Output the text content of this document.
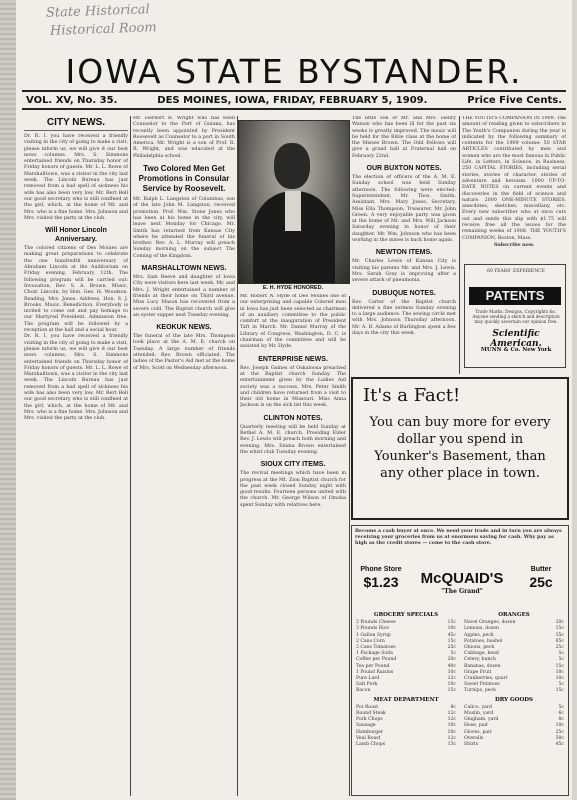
State Historical
Historical Room
IOWA STATE BYSTANDER.
VOL. XV, No. 35.	DES MOINES, IOWA, FRIDAY, FEBRUARY 5, 1909.	Price Five Cents.
CITY NEWS.
Dr. R. I. you have received a friendly visiting in the city of going to make a visit, please inform us, we will give it our best news columns. Mrs. S. Simmons entertained friends on Thursday honor of Friday honors of guests. Mr. L. L. Rowe of Marshalltown, was a visitor in the city last week. The Lincoln Bureau has just removed from a bad spell of sickness his wife has also been very low. Mr. Bert Bell our good secretary who is still confined at the girl, which, at the home of Mr. and Mrs. who is a fine home. Mrs. Johnson and Mrs. visited the party at the club.
Will Honor Lincoln Anniversary.
The colored citizens of Des Moines are making great preparations to celebrate the one hundredth anniversary of Abraham Lincoln at the Auditorium on Friday evening, February 12th. The following program will be carried out: Invocation, Rev. S. A. Brown. Music, Choir. Lincoln, by Hon. Geo. H. Woodson. Reading, Mrs. Jones. Address, Hon. S. J. Brooks. Music. Benediction. Everybody is invited to come out and pay homage to our Martyred President. Admission free. The program will be followed by a reception at the hall and a social hour.
Dr. R. I. you have received a friendly visiting in the city of going to make a visit, please inform us, we will give it our best news columns. Mrs. S. Simmons entertained friends on Thursday honor of Friday honors of guests. Mr. L. L. Rowe of Marshalltown, was a visitor in the city last week. The Lincoln Bureau has just removed from a bad spell of sickness his wife has also been very low. Mr. Bert Bell our good secretary who is still confined at the girl, which, at the home of Mr. and Mrs. who is a fine home. Mrs. Johnson and Mrs. visited the party at the club.
Mr. Herbert R. Wright who has been Counselor to the Port of Guiana, has recently been appointed by President Roosevelt as Counselor to a port in South America. Mr. Wright is a son of Prof. R. R. Wright, and was educated at the Philadelphia school.
Two Colored Men Get Promotions in Consular Service by Roosevelt.
Mr. Ralph L. Langston of Columbus, son of the late John M. Langston, received promotion. Prof. Wm. Stone Jones who has been at his home in the city, will leave next Monday for Chicago. Mr. Smith has returned from Kansas City where he attended the funeral of his brother. Rev. A. L. Murray will preach Sunday morning on the subject The Coming of the Kingdom.
MARSHALLTOWN NEWS.
Mrs. Sam Reeve and daughter of Iowa City were visitors here last week. Mr. and Mrs. J. Wright entertained a number of friends at their home on Third avenue. Miss Lucy Mason has recovered from a severe cold. The Baptist church will give an oyster supper next Tuesday evening.
KEOKUK NEWS.
The funeral of the late Mrs. Thompson took place at the A. M. E. church on Tuesday. A large number of friends attended. Rev. Brown officiated. The ladies of the Pastor's Aid met at the home of Mrs. Scott on Wednesday afternoon.
E. H. HYDE HONORED.
Mr. Robert N. Hyde of Des Moines one of our enterprising and capable Colored men in Iowa has just been selected as chairman of an auxiliary committee to the public comfort at the inauguration of President Taft in March. Mr. Daniel Murray of the Library of Congress, Washington, D. C. is chairman of the committee and will be assisted by Mr. Hyde.
ENTERPRISE NEWS.
Rev. Joseph Gaines of Oskaloosa preached at the Baptist church Sunday. The entertainment given by the Ladies Aid society was a success. Mrs. Peter Smith and children have returned from a visit to their old home in Missouri. Miss Anna Jackson is on the sick list this week.
CLINTON NOTES.
Quarterly meeting will be held Sunday at Bethel A. M. E. church. Presiding Elder Rev. J. Lewis will preach both morning and evening. Mrs. Emma Brown entertained the whist club Tuesday evening.
SIOUX CITY ITEMS.
The revival meetings which have been in progress at the Mt. Zion Baptist church for the past week closed Sunday night with good results. Fourteen persons united with the church. Mr. George Wilson of Omaha spent Sunday with relatives here.
The little son of Mr. and Mrs. Henry Watson who has been ill for the past six weeks is greatly improved. The music will be held for the Bible class at the home of the Misses Brown. The Odd Fellows will give a grand ball at Fraternal hall on February 22nd.
OUR BUXTON NOTES.
The election of officers of the A. M. E. Sunday school was held Sunday afternoon. The following were elected: Superintendent, Mr. Thos. Smith; Assistant, Mrs. Mary Jones; Secretary, Miss Ella Thompson; Treasurer, Mr. John Green. A very enjoyable party was given at the home of Mr. and Mrs. Will Jackson Saturday evening in honor of their daughter. Mr. Wm. Johnson who has been working in the mines is back home again.
NEWTON ITEMS.
Mr. Charles Lewis of Kansas City is visiting his parents Mr. and Mrs. J. Lewis. Mrs. Sarah Gray is improving after a severe attack of pneumonia.
DUBUQUE NOTES.
Rev. Carter of the Baptist church delivered a fine sermon Sunday evening to a large audience. The sewing circle met with Mrs. Johnson Thursday afternoon. Mr. A. B. Adams of Burlington spent a few days in the city this week.
THE YOUTH'S COMPANION IN 1909. The amount of reading given to subscribers in The Youth's Companion during the year is indicated by the following summary of contents for the 1909 volume: 50 STAR ARTICLES contributed by men and women who are the most famous in Public Life, in Letters, in Science, in Business. 250 CAPITAL STORIES, including serial stories, stories of character, stories of adventure and heroism. 1000 UP-TO-DATE NOTES on current events and discoveries in the field of science and nature. 2000 ONE-MINUTE STORIES, anecdotes, sketches, miscellany, etc. Every new subscriber who at once cuts out and sends this slip with $1.75 will receive free all the issues for the remaining weeks of 1908. THE YOUTH'S COMPANION, Boston, Mass.
Subscribe now.
60 YEARS' EXPERIENCE
PATENTS
Trade Marks, Designs, Copyrights &c. Anyone sending a sketch and description may quickly ascertain our opinion free.
Scientific American.
MUNN & Co. New York
It's a Fact!
You can buy more for every dollar you spend in Younker's Basement, than any other place in town.
Become a cash buyer at once. We need your trade and in turn you are always receiving your groceries from us at enormous saving for cash. Why pay as high as the credit stores — come to the cash store.
Phone Store
$1.23	McQUAID'S
"The Grand"
Butter
25c
GROCERY SPECIALS
2 Pounds Cheese	15c
3 Pounds Rice	10c
1 Gallon Syrup	45c
2 Cans Corn	15c
3 Cans Tomatoes	25c
1 Package Soda	5c
Coffee per Pound	20c
Tea per Pound	40c
1 Pound Raisins	10c
Pure Lard	12c
Salt Pork	10c
Bacon	15c
MEAT DEPARTMENT
Pot Roast	8c
Round Steak	12c
Pork Chops	12c
Sausage	10c
Hamburger	10c
Veal Roast	12c
Lamb Chops	15c
ORANGES
Navel Oranges, dozen	20c
Lemons, dozen	15c
Apples, peck	35c
Potatoes, bushel	65c
Onions, peck	25c
Cabbage, head	5c
Celery, bunch	5c
Bananas, dozen	15c
Grape Fruit	10c
Cranberries, quart	10c
Sweet Potatoes	5c
Turnips, peck	15c
DRY GOODS
Calico, yard	5c
Muslin, yard	6c
Gingham, yard	8c
Hose, pair	10c
Gloves, pair	25c
Overalls	50c
Shirts	45c
